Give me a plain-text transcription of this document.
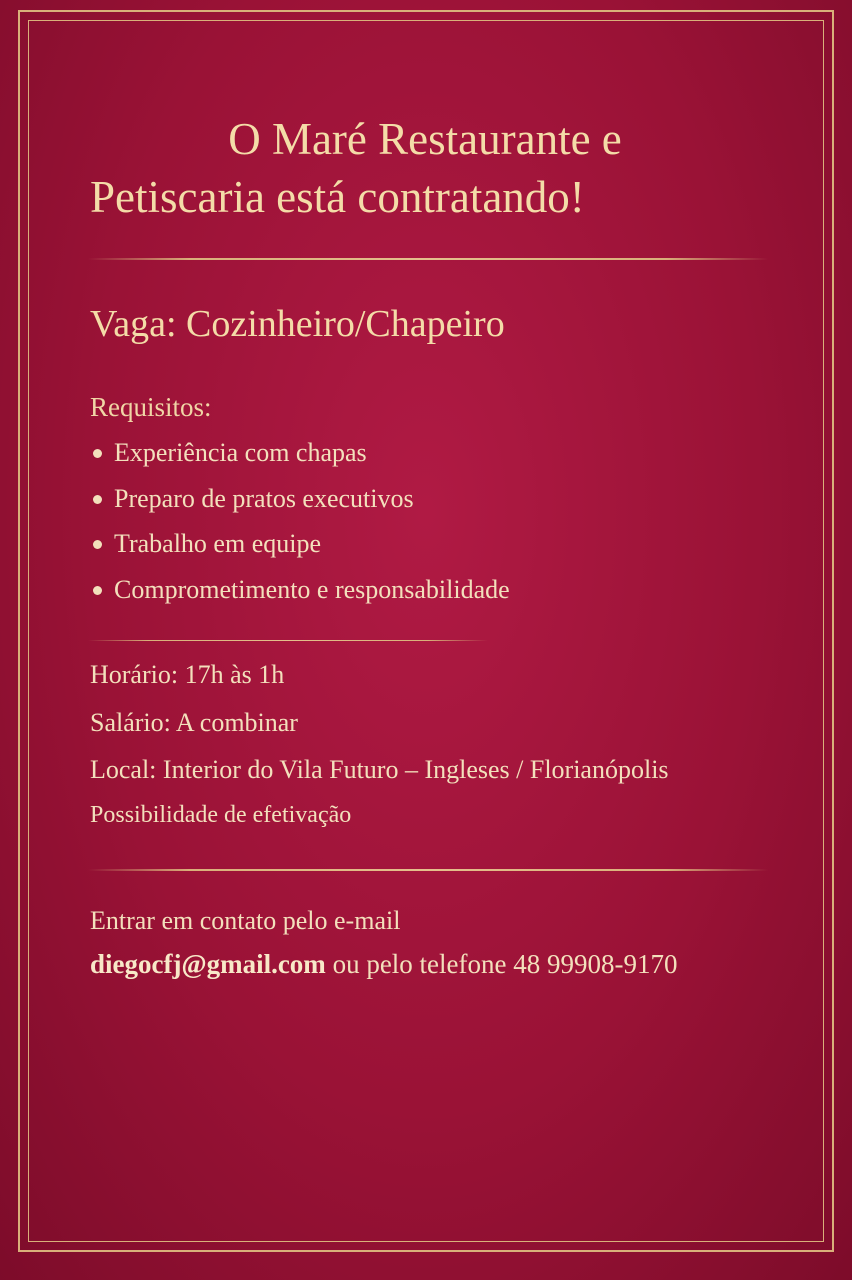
O Maré Restaurante e
Petiscaria está contratando!
Vaga: Cozinheiro/Chapeiro
Requisitos:
Experiência com chapas
Preparo de pratos executivos
Trabalho em equipe
Comprometimento e responsabilidade
Horário: 17h às 1h
Salário: A combinar
Local: Interior do Vila Futuro – Ingleses / Florianópolis
Possibilidade de efetivação
Entrar em contato pelo e-mail
diegocfj@gmail.com ou pelo telefone 48 99908-9170
